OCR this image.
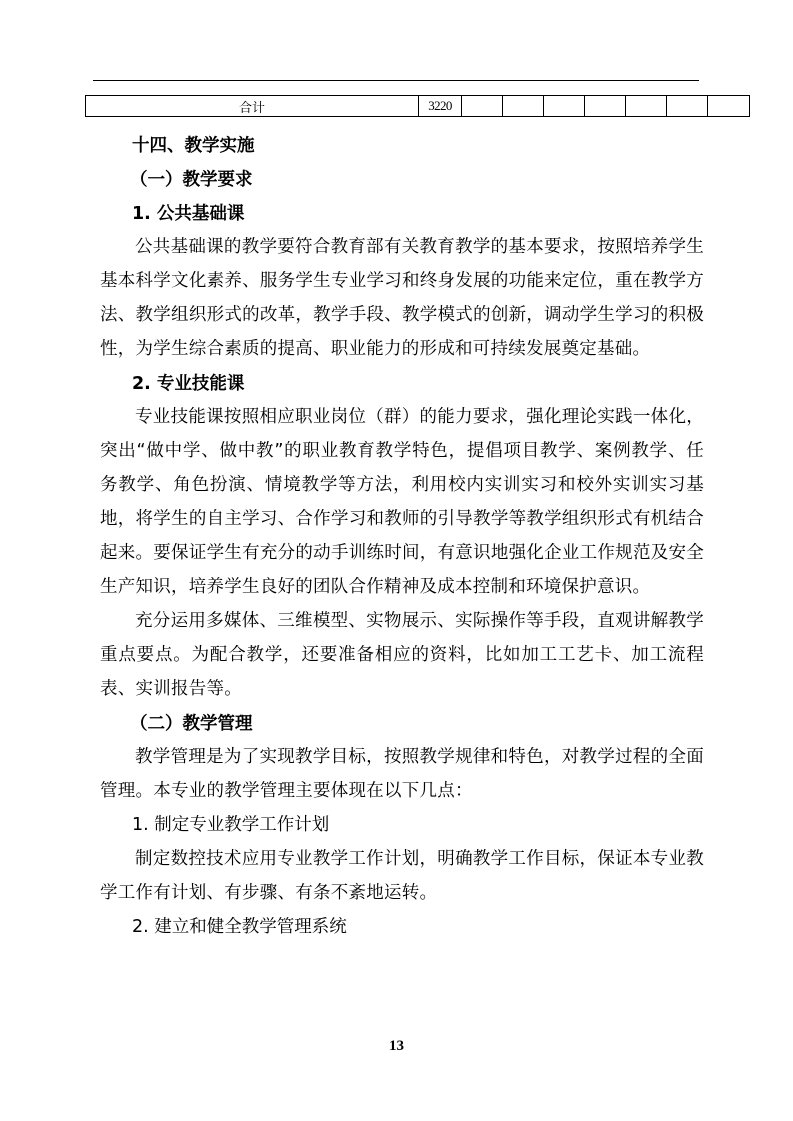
合计	3220							
十四、教学实施
（一）教学要求
1. 公共基础课

公共基础课的教学要符合教育部有关教育教学的基本要求，按照培养学生基本科学文化素养、服务学生专业学习和终身发展的功能来定位，重在教学方法、教学组织形式的改革，教学手段、教学模式的创新，调动学生学习的积极性，为学生综合素质的提高、职业能力的形成和可持续发展奠定基础。

2. 专业技能课

专业技能课按照相应职业岗位（群）的能力要求，强化理论实践一体化，突出“做中学、做中教”的职业教育教学特色，提倡项目教学、案例教学、任务教学、角色扮演、情境教学等方法，利用校内实训实习和校外实训实习基地，将学生的自主学习、合作学习和教师的引导教学等教学组织形式有机结合起来。要保证学生有充分的动手训练时间，有意识地强化企业工作规范及安全生产知识，培养学生良好的团队合作精神及成本控制和环境保护意识。

充分运用多媒体、三维模型、实物展示、实际操作等手段，直观讲解教学重点要点。为配合教学，还要准备相应的资料，比如加工工艺卡、加工流程表、实训报告等。

（二）教学管理

教学管理是为了实现教学目标，按照教学规律和特色，对教学过程的全面管理。本专业的教学管理主要体现在以下几点：

1. 制定专业教学工作计划

制定数控技术应用专业教学工作计划，明确教学工作目标，保证本专业教学工作有计划、有步骤、有条不紊地运转。

2. 建立和健全教学管理系统
13
